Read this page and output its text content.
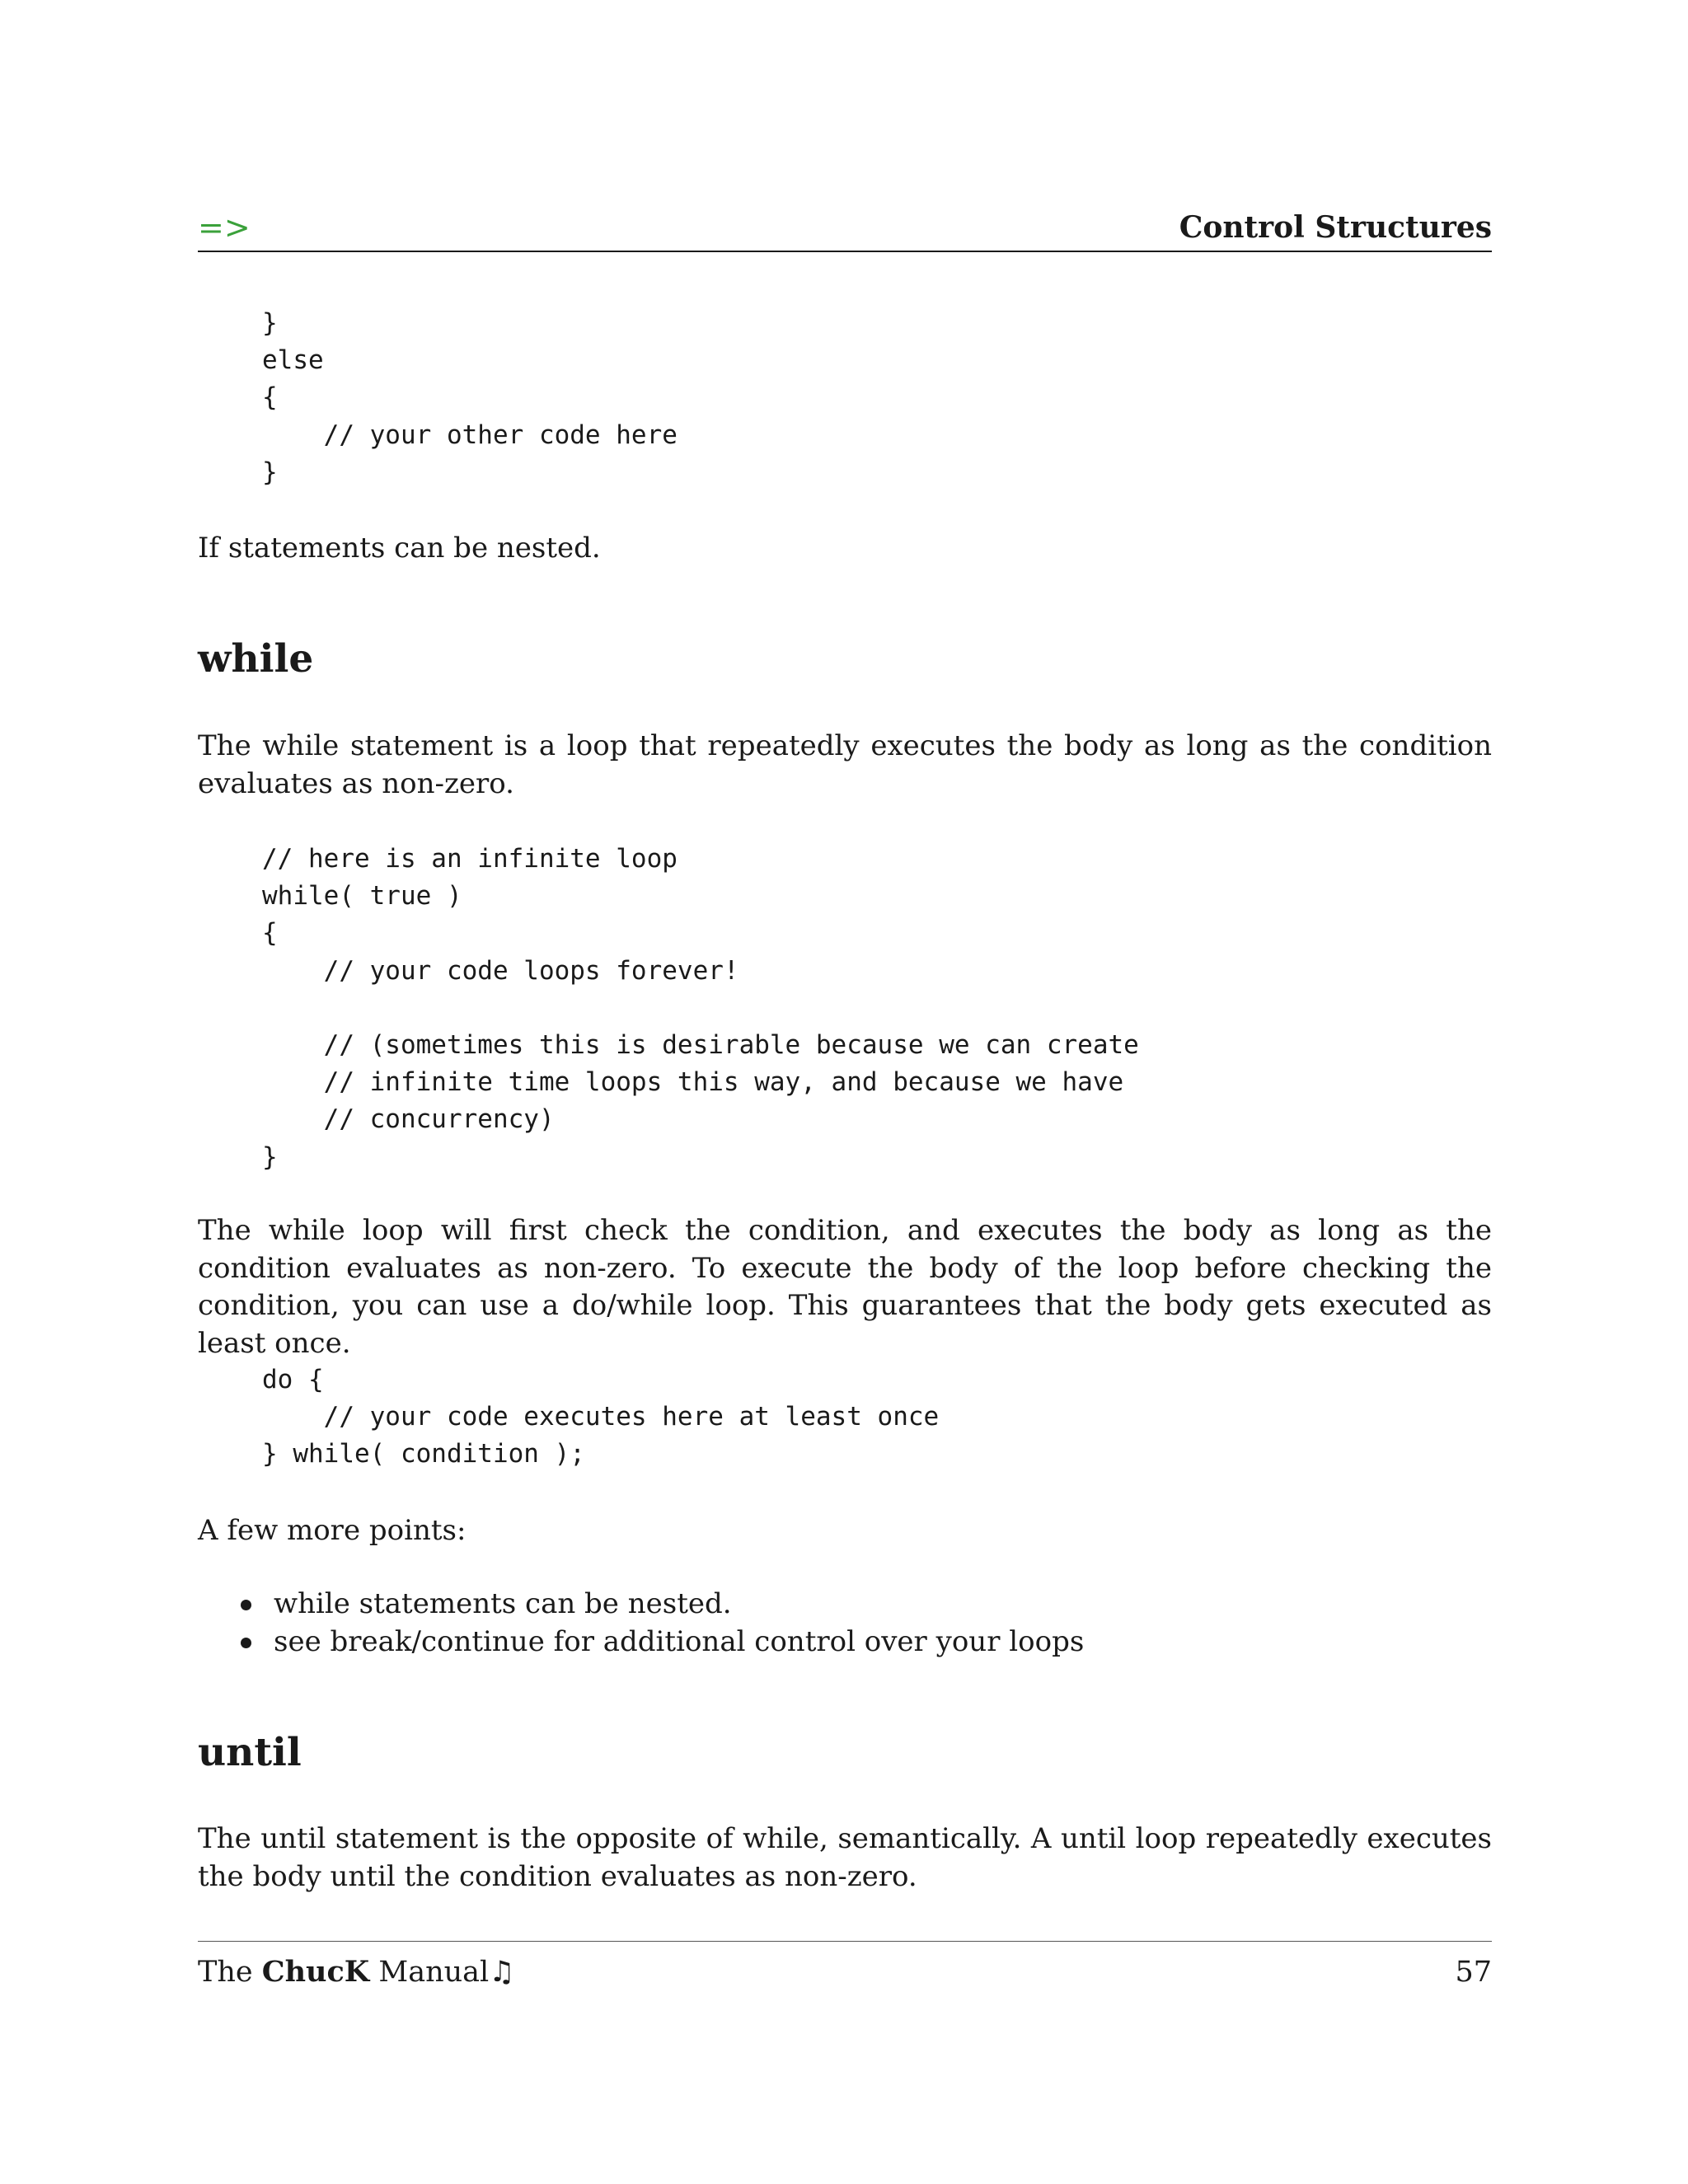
=>	Control Structures
}
else
{
// your other code here
}

If statements can be nested.

while

The while statement is a loop that repeatedly executes the body as long as the condition evaluates as non-zero.

// here is an infinite loop
while( true )
{
// your code loops forever!
// (sometimes this is desirable because we can create
// infinite time loops this way, and because we have
// concurrency)
}

The while loop will first check the condition, and executes the body as long as the condition evaluates as non-zero. To execute the body of the loop before checking the condition, you can use a do/while loop. This guarantees that the body gets executed as least once.

do {
// your code executes here at least once
} while( condition );

A few more points:

while statements can be nested.
see break/continue for additional control over your loops
until

The until statement is the opposite of while, semantically. A until loop repeatedly executes the body until the condition evaluates as non-zero.

The ChucK Manual♫	57
